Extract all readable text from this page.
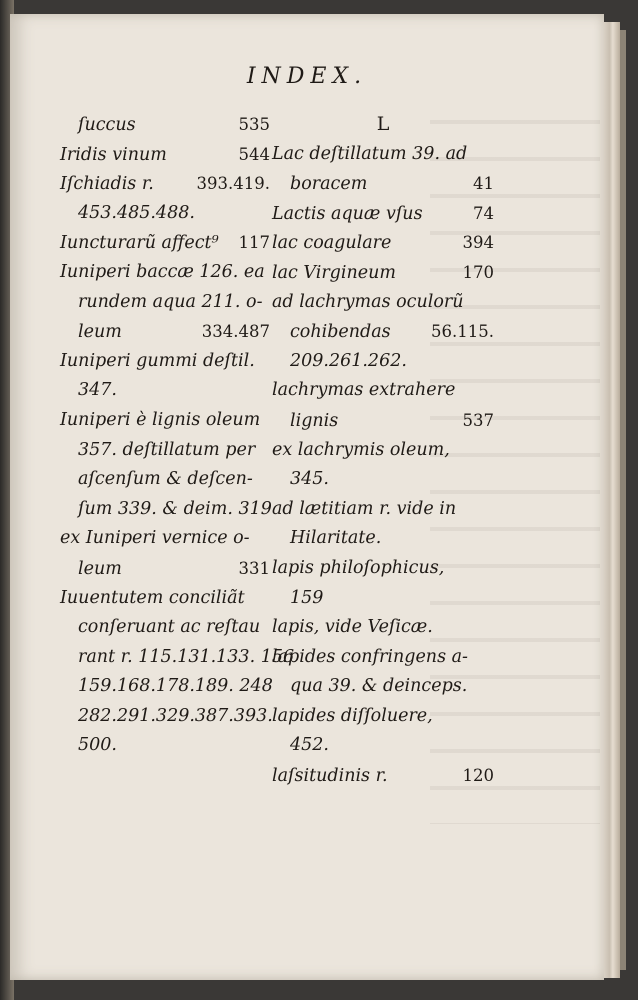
INDEX.
ſuccus	535
Iridis vinum	544
Iſchiadis r.	393.419.
453.485.488.
Iuncturarũ affect⁹ 117
Iuniperi baccæ 126. ea
rundem aqua 211. o-
leum	334.487
Iuniperi gummi deſtil.
347.
Iuniperi è lignis oleum
357. deſtillatum per
aſcenſum & deſcen-
ſum 339. & deim. 319
ex Iuniperi vernice o-
leum	331
Iuuentutem conciliãt
conſeruant ac reſtau
rant r. 115.131.133. 156
159.168.178.189. 248
282.291.329.387.393.
500.
L
Lac deſtillatum 39. ad
boracem	41
Lactis aquæ vſus	74
lac coagulare	394
lac Virgineum	170
ad lachrymas oculorũ
cohibendas 56.115.
209.261.262.
lachrymas extrahere
lignis	537
ex lachrymis oleum,
345.
ad lætitiam r. vide in
Hilaritate.
lapis philoſophicus,
159
lapis, vide Veſicæ.
lapides confringens a-
qua 39. & deinceps.
lapides diſſoluere,
452.
laſsitudinis r.	120
